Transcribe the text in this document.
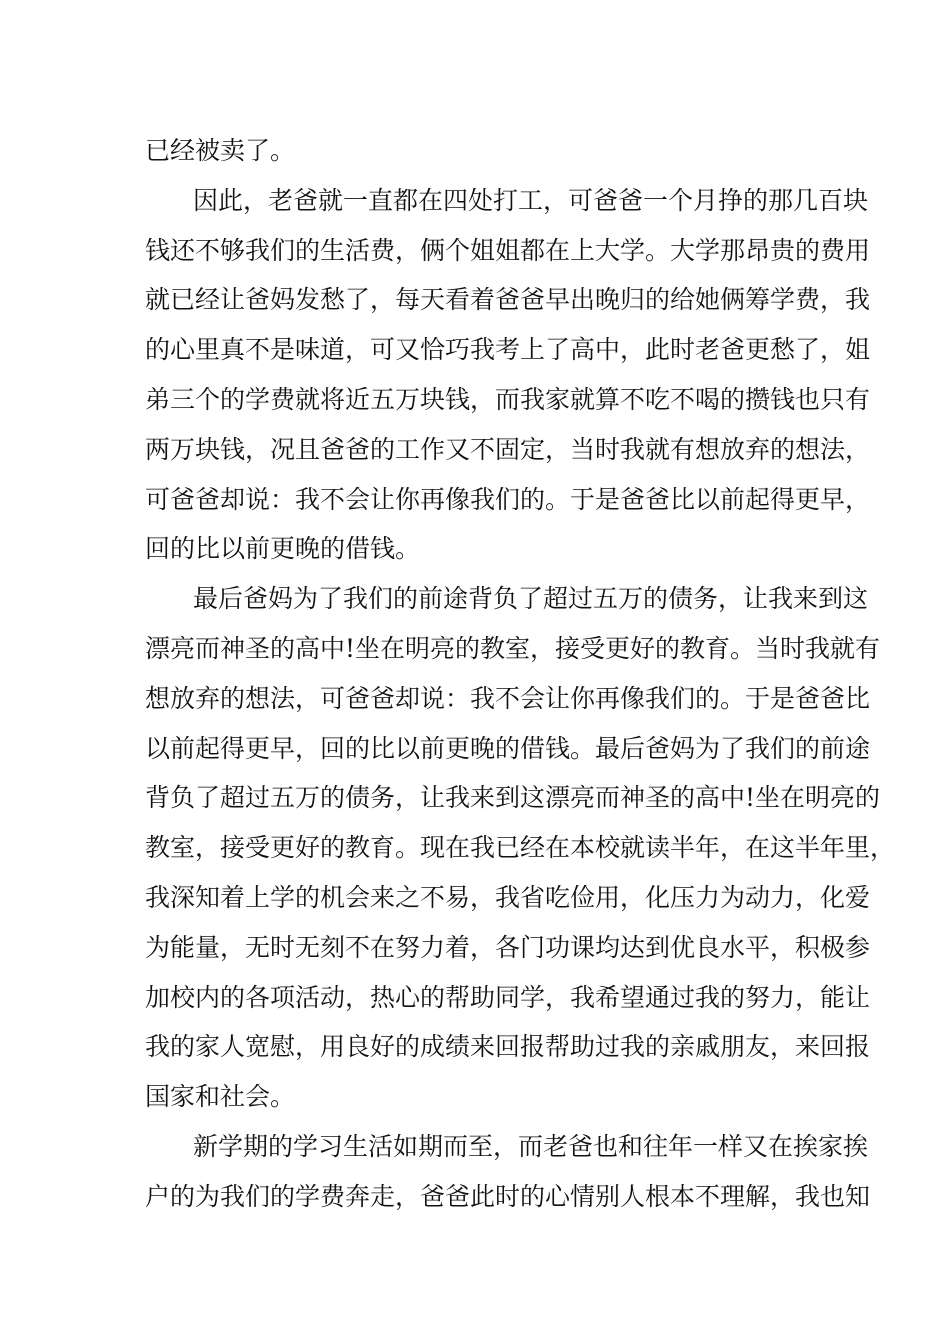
已经被卖了。
因此，老爸就一直都在四处打工，可爸爸一个月挣的那几百块
钱还不够我们的生活费，俩个姐姐都在上大学。大学那昂贵的费用
就已经让爸妈发愁了，每天看着爸爸早出晚归的给她俩筹学费，我
的心里真不是味道，可又恰巧我考上了高中，此时老爸更愁了，姐
弟三个的学费就将近五万块钱，而我家就算不吃不喝的攒钱也只有
两万块钱，况且爸爸的工作又不固定，当时我就有想放弃的想法，
可爸爸却说：我不会让你再像我们的。于是爸爸比以前起得更早，
回的比以前更晚的借钱。
最后爸妈为了我们的前途背负了超过五万的债务，让我来到这
漂亮而神圣的高中!坐在明亮的教室，接受更好的教育。当时我就有
想放弃的想法，可爸爸却说：我不会让你再像我们的。于是爸爸比
以前起得更早，回的比以前更晚的借钱。最后爸妈为了我们的前途
背负了超过五万的债务，让我来到这漂亮而神圣的高中!坐在明亮的
教室，接受更好的教育。现在我已经在本校就读半年，在这半年里，
我深知着上学的机会来之不易，我省吃俭用，化压力为动力，化爱
为能量，无时无刻不在努力着，各门功课均达到优良水平，积极参
加校内的各项活动，热心的帮助同学，我希望通过我的努力，能让
我的家人宽慰，用良好的成绩来回报帮助过我的亲戚朋友，来回报
国家和社会。
新学期的学习生活如期而至，而老爸也和往年一样又在挨家挨
户的为我们的学费奔走，爸爸此时的心情别人根本不理解，我也知
